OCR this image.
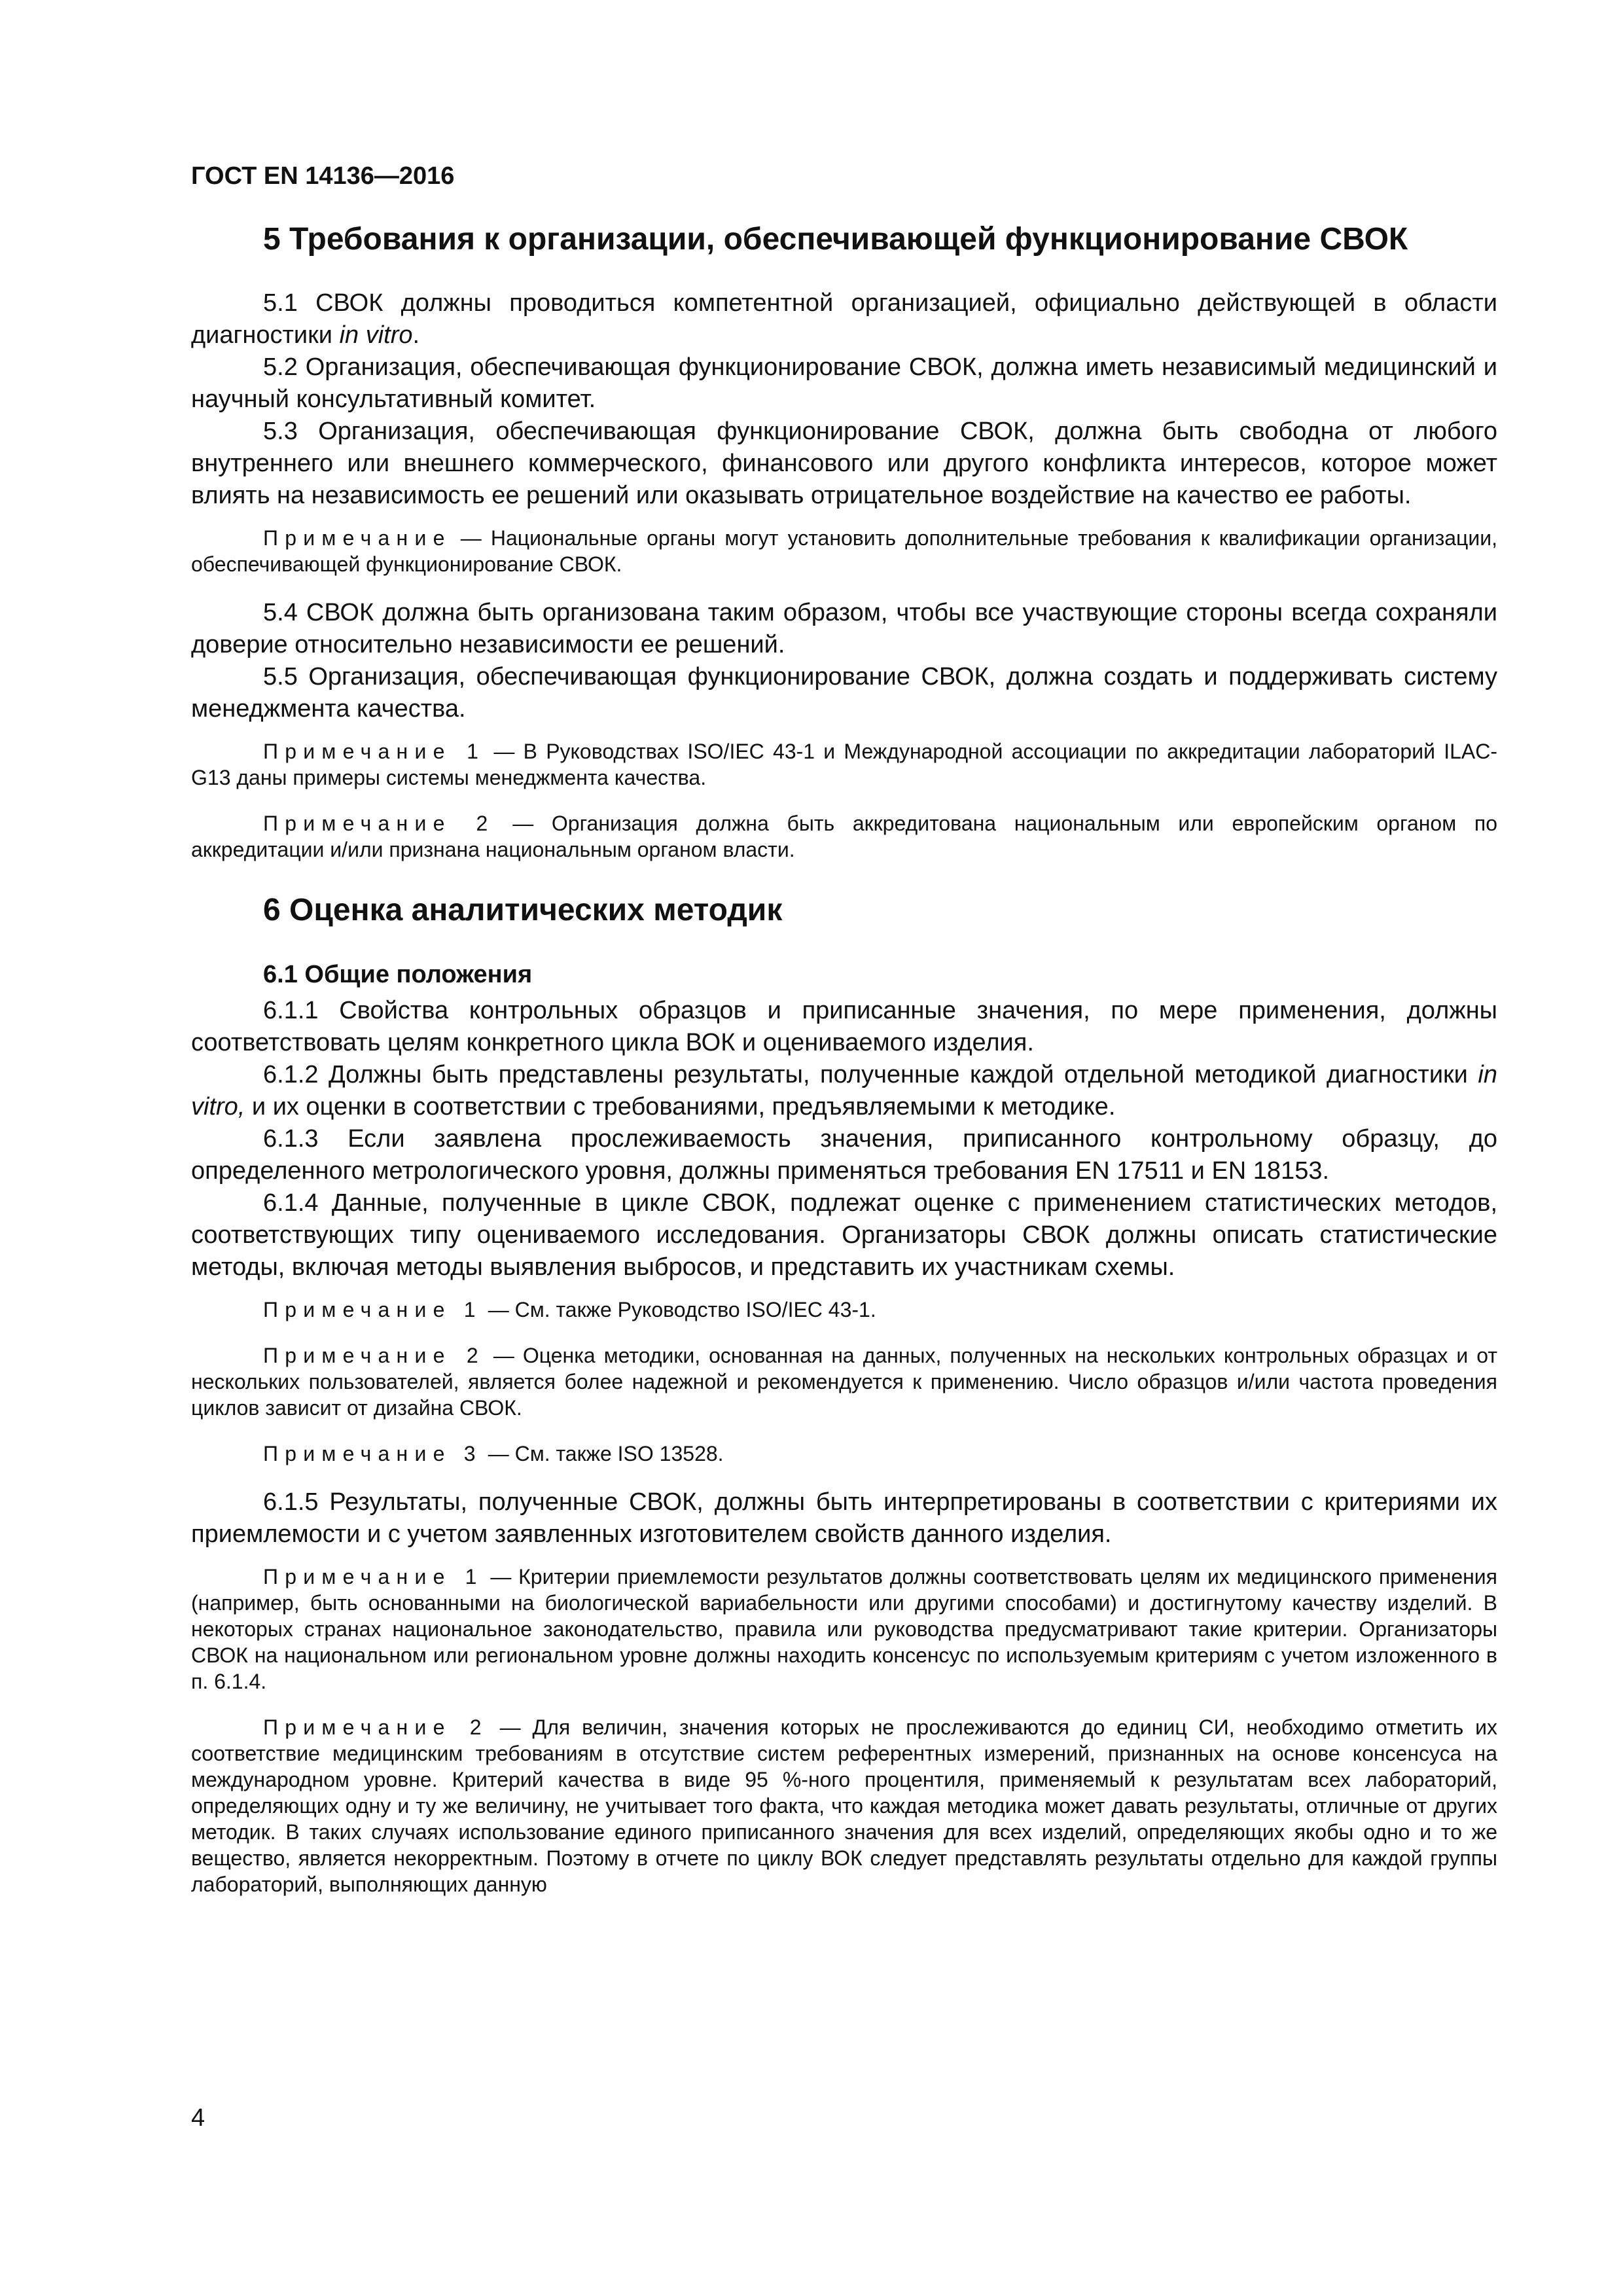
ГОСТ EN 14136—2016
5 Требования к организации, обеспечивающей функционирование СВОК

5.1 СВОК должны проводиться компетентной организацией, официально действующей в области диагностики in vitro.

5.2 Организация, обеспечивающая функционирование СВОК, должна иметь независимый медицинский и научный консультативный комитет.

5.3 Организация, обеспечивающая функционирование СВОК, должна быть свободна от любого внутреннего или внешнего коммерческого, финансового или другого конфликта интересов, которое может влиять на независимость ее решений или оказывать отрицательное воздействие на качество ее работы.

Примечание — Национальные органы могут установить дополнительные требования к квалификации организации, обеспечивающей функционирование СВОК.

5.4 СВОК должна быть организована таким образом, чтобы все участвующие стороны всегда сохраняли доверие относительно независимости ее решений.

5.5 Организация, обеспечивающая функционирование СВОК, должна создать и поддерживать систему менеджмента качества.

Примечание 1 — В Руководствах ISO/IEC 43-1 и Международной ассоциации по аккредитации лабораторий ILAC-G13 даны примеры системы менеджмента качества.

Примечание 2 — Организация должна быть аккредитована национальным или европейским органом по аккредитации и/или признана национальным органом власти.

6 Оценка аналитических методик
6.1 Общие положения

6.1.1 Свойства контрольных образцов и приписанные значения, по мере применения, должны соответствовать целям конкретного цикла ВОК и оцениваемого изделия.

6.1.2 Должны быть представлены результаты, полученные каждой отдельной методикой диагностики in vitro, и их оценки в соответствии с требованиями, предъявляемыми к методике.

6.1.3 Если заявлена прослеживаемость значения, приписанного контрольному образцу, до определенного метрологического уровня, должны применяться требования EN 17511 и EN 18153.

6.1.4 Данные, полученные в цикле СВОК, подлежат оценке с применением статистических методов, соответствующих типу оцениваемого исследования. Организаторы СВОК должны описать статистические методы, включая методы выявления выбросов, и представить их участникам схемы.

Примечание 1 — См. также Руководство ISO/IEC 43-1.

Примечание 2 — Оценка методики, основанная на данных, полученных на нескольких контрольных образцах и от нескольких пользователей, является более надежной и рекомендуется к применению. Число образцов и/или частота проведения циклов зависит от дизайна СВОК.

Примечание 3 — См. также ISO 13528.

6.1.5 Результаты, полученные СВОК, должны быть интерпретированы в соответствии с критериями их приемлемости и с учетом заявленных изготовителем свойств данного изделия.

Примечание 1 — Критерии приемлемости результатов должны соответствовать целям их медицинского применения (например, быть основанными на биологической вариабельности или другими способами) и достигнутому качеству изделий. В некоторых странах национальное законодательство, правила или руководства предусматривают такие критерии. Организаторы СВОК на национальном или региональном уровне должны находить консенсус по используемым критериям с учетом изложенного в п. 6.1.4.

Примечание 2 — Для величин, значения которых не прослеживаются до единиц СИ, необходимо отметить их соответствие медицинским требованиям в отсутствие систем референтных измерений, признанных на основе консенсуса на международном уровне. Критерий качества в виде 95 %-ного процентиля, применяемый к результатам всех лабораторий, определяющих одну и ту же величину, не учитывает того факта, что каждая методика может давать результаты, отличные от других методик. В таких случаях использование единого приписанного значения для всех изделий, определяющих якобы одно и то же вещество, является некорректным. Поэтому в отчете по циклу ВОК следует представлять результаты отдельно для каждой группы лабораторий, выполняющих данную

4
